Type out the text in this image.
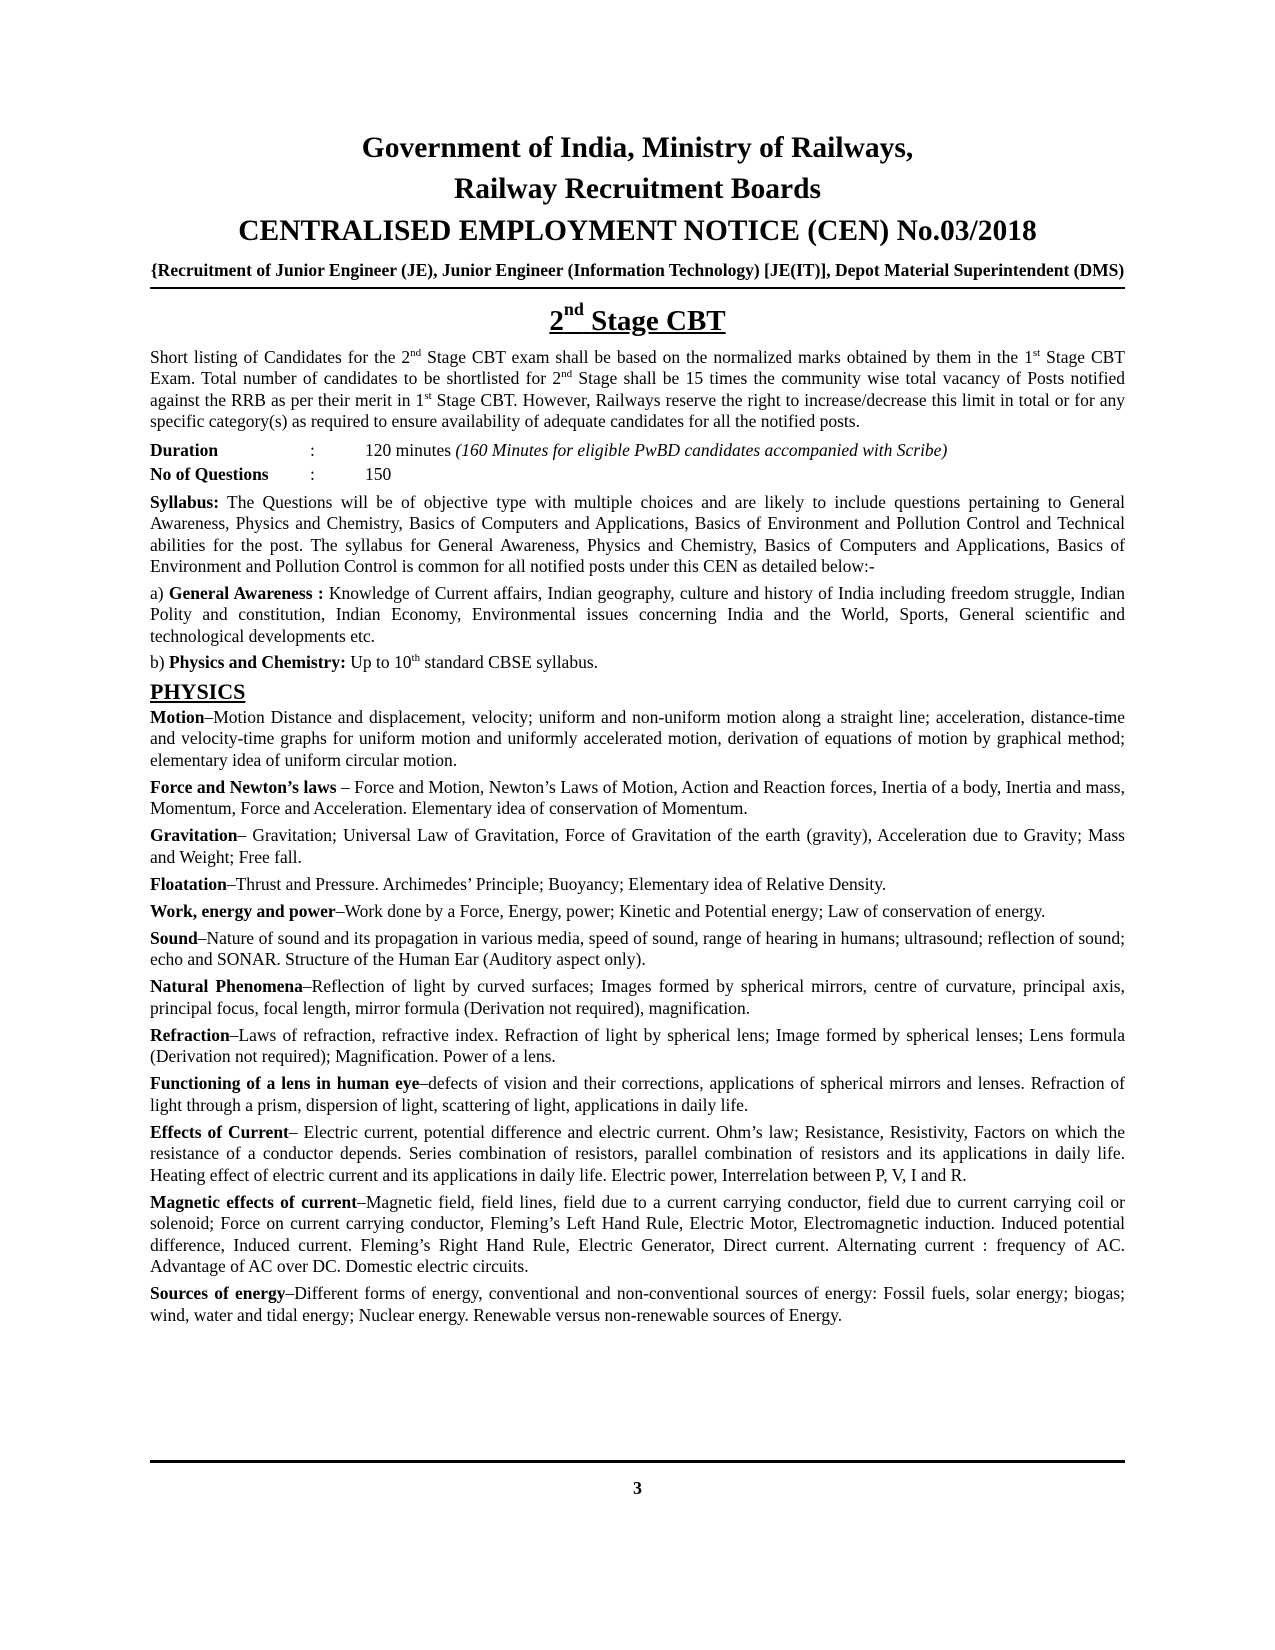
Government of India, Ministry of Railways,
Railway Recruitment Boards
CENTRALISED EMPLOYMENT NOTICE (CEN) No.03/2018
{Recruitment of Junior Engineer (JE), Junior Engineer (Information Technology) [JE(IT)], Depot Material Superintendent (DMS)
2nd Stage CBT

Short listing of Candidates for the 2nd Stage CBT exam shall be based on the normalized marks obtained by them in the 1st Stage CBT Exam. Total number of candidates to be shortlisted for 2nd Stage shall be 15 times the community wise total vacancy of Posts notified against the RRB as per their merit in 1st Stage CBT. However, Railways reserve the right to increase/decrease this limit in total or for any specific category(s) as required to ensure availability of adequate candidates for all the notified posts.

Duration	:	120 minutes (160 Minutes for eligible PwBD candidates accompanied with Scribe)
No of Questions	:	150

Syllabus: The Questions will be of objective type with multiple choices and are likely to include questions pertaining to General Awareness, Physics and Chemistry, Basics of Computers and Applications, Basics of Environment and Pollution Control and Technical abilities for the post. The syllabus for General Awareness, Physics and Chemistry, Basics of Computers and Applications, Basics of Environment and Pollution Control is common for all notified posts under this CEN as detailed below:-

a) General Awareness : Knowledge of Current affairs, Indian geography, culture and history of India including freedom struggle, Indian Polity and constitution, Indian Economy, Environmental issues concerning India and the World, Sports, General scientific and technological developments etc.

b) Physics and Chemistry: Up to 10th standard CBSE syllabus.

PHYSICS

Motion–Motion Distance and displacement, velocity; uniform and non-uniform motion along a straight line; acceleration, distance-time and velocity-time graphs for uniform motion and uniformly accelerated motion, derivation of equations of motion by graphical method; elementary idea of uniform circular motion.

Force and Newton’s laws – Force and Motion, Newton’s Laws of Motion, Action and Reaction forces, Inertia of a body, Inertia and mass, Momentum, Force and Acceleration. Elementary idea of conservation of Momentum.

Gravitation– Gravitation; Universal Law of Gravitation, Force of Gravitation of the earth (gravity), Acceleration due to Gravity; Mass and Weight; Free fall.

Floatation–Thrust and Pressure. Archimedes’ Principle; Buoyancy; Elementary idea of Relative Density.

Work, energy and power–Work done by a Force, Energy, power; Kinetic and Potential energy; Law of conservation of energy.

Sound–Nature of sound and its propagation in various media, speed of sound, range of hearing in humans; ultrasound; reflection of sound; echo and SONAR. Structure of the Human Ear (Auditory aspect only).

Natural Phenomena–Reflection of light by curved surfaces; Images formed by spherical mirrors, centre of curvature, principal axis, principal focus, focal length, mirror formula (Derivation not required), magnification.

Refraction–Laws of refraction, refractive index. Refraction of light by spherical lens; Image formed by spherical lenses; Lens formula (Derivation not required); Magnification. Power of a lens.

Functioning of a lens in human eye–defects of vision and their corrections, applications of spherical mirrors and lenses. Refraction of light through a prism, dispersion of light, scattering of light, applications in daily life.

Effects of Current– Electric current, potential difference and electric current. Ohm’s law; Resistance, Resistivity, Factors on which the resistance of a conductor depends. Series combination of resistors, parallel combination of resistors and its applications in daily life. Heating effect of electric current and its applications in daily life. Electric power, Interrelation between P, V, I and R.

Magnetic effects of current–Magnetic field, field lines, field due to a current carrying conductor, field due to current carrying coil or solenoid; Force on current carrying conductor, Fleming’s Left Hand Rule, Electric Motor, Electromagnetic induction. Induced potential difference, Induced current. Fleming’s Right Hand Rule, Electric Generator, Direct current. Alternating current : frequency of AC. Advantage of AC over DC. Domestic electric circuits.

Sources of energy–Different forms of energy, conventional and non-conventional sources of energy: Fossil fuels, solar energy; biogas; wind, water and tidal energy; Nuclear energy. Renewable versus non-renewable sources of Energy.

3
